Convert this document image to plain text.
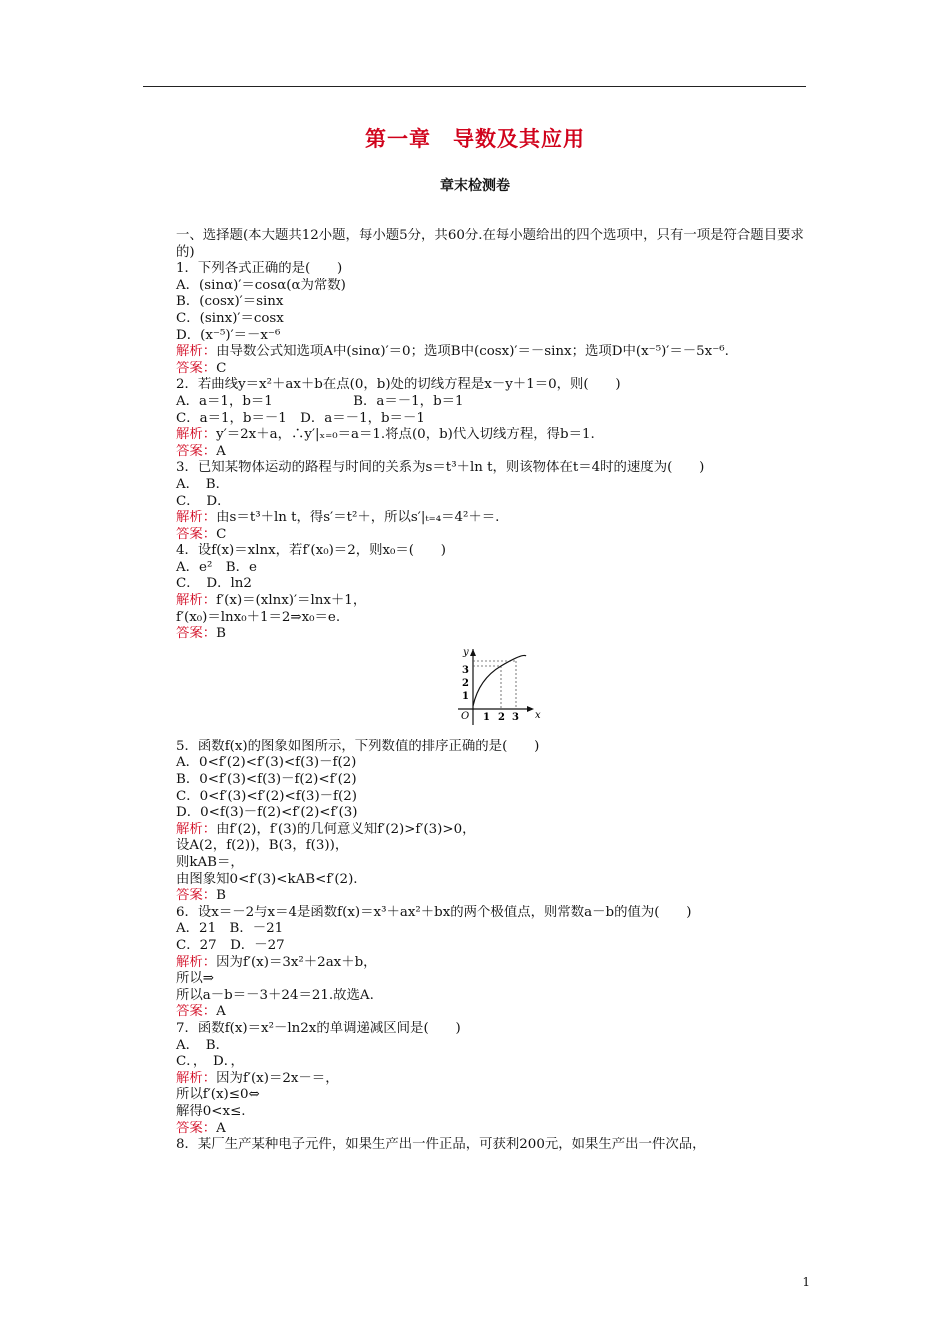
第一章　导数及其应用
章末检测卷
一、选择题(本大题共12小题，每小题5分，共60分.在每小题给出的四个选项中，只有一项是符合题目要求的)
1．下列各式正确的是(　　)
A．(sinα)′＝cosα(α为常数)
B．(cosx)′＝sinx
C．(sinx)′＝cosx
D．(x⁻⁵)′＝－x⁻⁶
解析：由导数公式知选项A中(sinα)′＝0；选项B中(cosx)′＝－sinx；选项D中(x⁻⁵)′＝－5x⁻⁶.
答案：C
2．若曲线y＝x²＋ax＋b在点(0，b)处的切线方程是x－y＋1＝0，则(　　)
A．a＝1，b＝1　　　　　　B．a＝－1，b＝1
C．a＝1，b＝－1　D．a＝－1，b＝－1
解析：y′＝2x＋a，∴y′|ₓ₌₀＝a＝1.将点(0，b)代入切线方程，得b＝1.
答案：A
3．已知某物体运动的路程与时间的关系为s＝t³＋ln t，则该物体在t＝4时的速度为(　　)
A．　B．
C．　D．
解析：由s＝t³＋ln t，得s′＝t²＋，所以s′|ₜ₌₄＝4²＋＝.
答案：C
4．设f(x)＝xlnx，若f′(x₀)＝2，则x₀＝(　　)
A．e²　B．e
C．　D．ln2
解析：f′(x)＝(xlnx)′＝lnx＋1，
f′(x₀)＝lnx₀＋1＝2⇒x₀＝e.
答案：B
y
x
O
3
2
1
1 2 3
5．函数f(x)的图象如图所示，下列数值的排序正确的是(　　)
A．0<f′(2)<f′(3)<f(3)－f(2)
B．0<f′(3)<f(3)－f(2)<f′(2)
C．0<f′(3)<f′(2)<f(3)－f(2)
D．0<f(3)－f(2)<f′(2)<f′(3)
解析：由f′(2)，f′(3)的几何意义知f′(2)>f′(3)>0，
设A(2，f(2))，B(3，f(3))，
则kAB＝，
由图象知0<f′(3)<kAB<f′(2).
答案：B
6．设x＝－2与x＝4是函数f(x)＝x³＋ax²＋bx的两个极值点，则常数a－b的值为(　　)
A．21　B．－21
C．27　D．－27
解析：因为f′(x)＝3x²＋2ax＋b，
所以⇒
所以a－b＝－3＋24＝21.故选A.
答案：A
7．函数f(x)＝x²－ln2x的单调递减区间是(　　)
A．　B．
C．，　D．，
解析：因为f′(x)＝2x－＝，
所以f′(x)≤0⇔
解得0<x≤.
答案：A
8．某厂生产某种电子元件，如果生产出一件正品，可获利200元，如果生产出一件次品，
1
